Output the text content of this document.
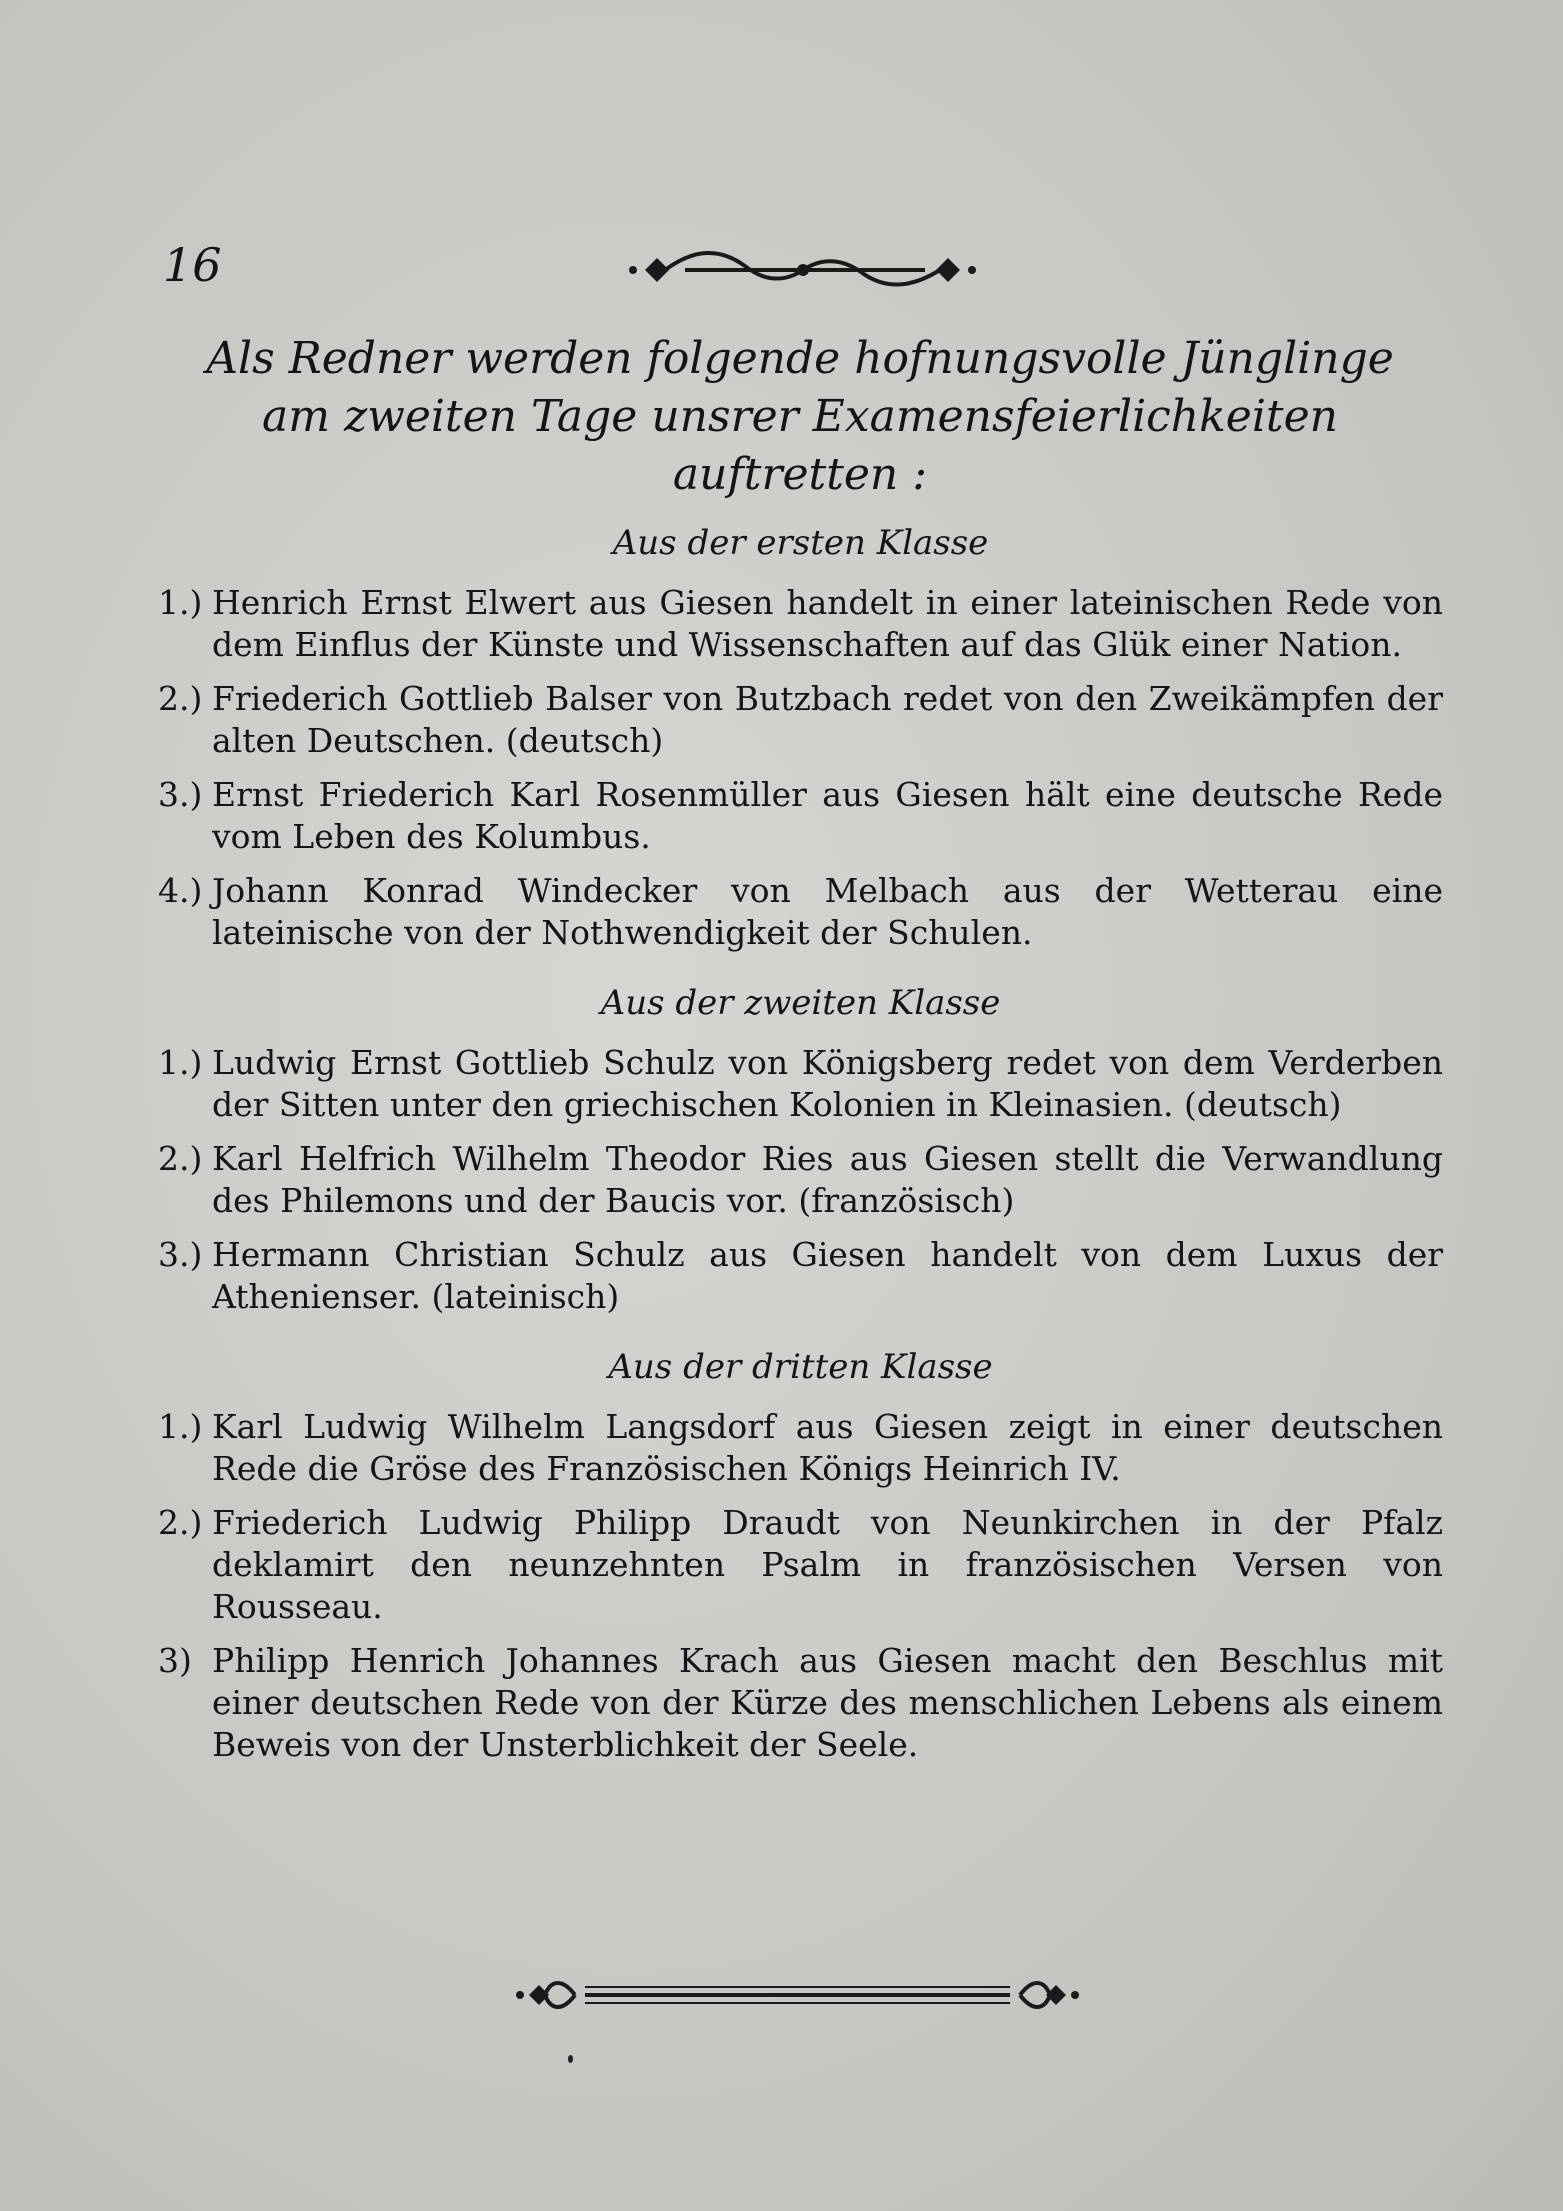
16
Als Redner werden folgende hofnungsvolle Jünglinge
am zweiten Tage unsrer Examensfeierlichkeiten
auftretten :
Aus der ersten Klasse
1.) Henrich Ernst Elwert aus Giesen handelt in einer lateinischen Rede von dem Einflus der Künste und Wissenschaften auf das Glük einer Nation.
2.) Friederich Gottlieb Balser von Butzbach redet von den Zweikämpfen der alten Deutschen. (deutsch)
3.) Ernst Friederich Karl Rosenmüller aus Giesen hält eine deutsche Rede vom Leben des Kolumbus.
4.) Johann Konrad Windecker von Melbach aus der Wetterau eine lateinische von der Nothwendigkeit der Schulen.
Aus der zweiten Klasse
1.) Ludwig Ernst Gottlieb Schulz von Königsberg redet von dem Verderben der Sitten unter den griechischen Kolonien in Kleinasien. (deutsch)
2.) Karl Helfrich Wilhelm Theodor Ries aus Giesen stellt die Verwandlung des Philemons und der Baucis vor. (französisch)
3.) Hermann Christian Schulz aus Giesen handelt von dem Luxus der Athenienser. (lateinisch)
Aus der dritten Klasse
1.) Karl Ludwig Wilhelm Langsdorf aus Giesen zeigt in einer deutschen Rede die Gröse des Französischen Königs Heinrich IV.
2.) Friederich Ludwig Philipp Draudt von Neunkirchen in der Pfalz deklamirt den neunzehnten Psalm in französischen Versen von Rousseau.
3) Philipp Henrich Johannes Krach aus Giesen macht den Beschlus mit einer deutschen Rede von der Kürze des menschlichen Lebens als einem Beweis von der Unsterblichkeit der Seele.
